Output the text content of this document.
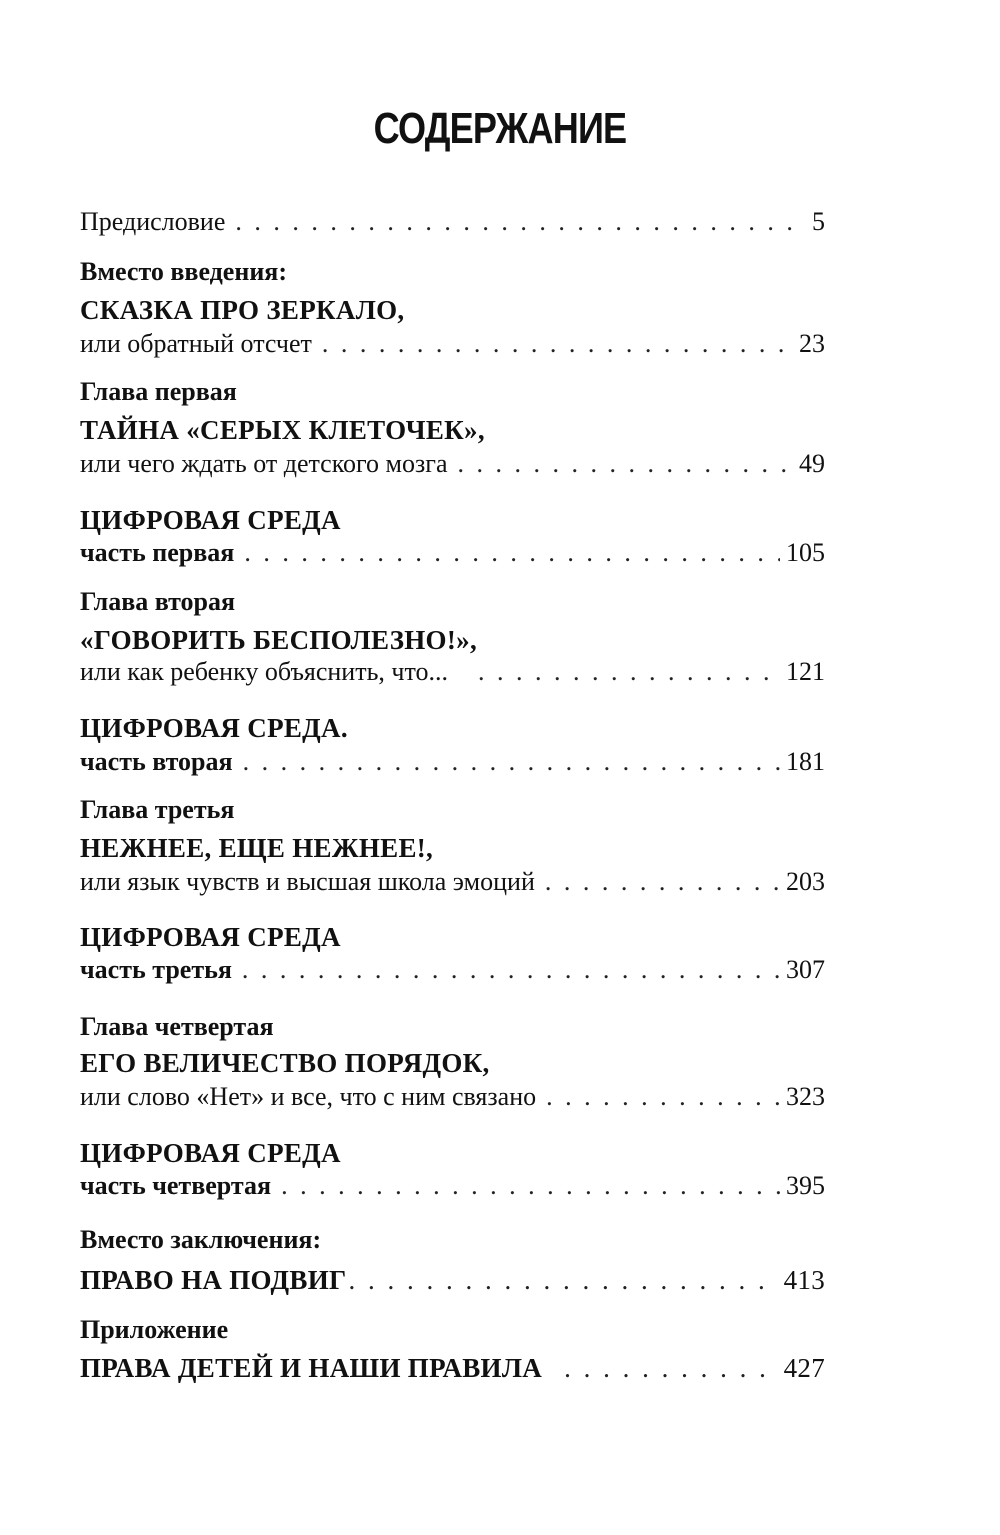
СОДЕРЖАНИЕ
Предисловие . . .	5
Вместо введения:
СКАЗКА ПРО ЗЕРКАЛО,
или обратный отсчет . . .	23
Глава первая
ТАЙНА «СЕРЫХ КЛЕТОЧЕК»,
или чего ждать от детского мозга . . .	49
ЦИФРОВАЯ СРЕДА
часть первая . . .	105
Глава вторая
«ГОВОРИТЬ БЕСПОЛЕЗНО!»,
или как ребенку объяснить, что... . . .	121
ЦИФРОВАЯ СРЕДА.
часть вторая . . .	181
Глава третья
НЕЖНЕЕ, ЕЩЕ НЕЖНЕЕ!,
или язык чувств и высшая школа эмоций . . .	203
ЦИФРОВАЯ СРЕДА
часть третья . . .	307
Глава четвертая
ЕГО ВЕЛИЧЕСТВО ПОРЯДОК,
или слово «Нет» и все, что с ним связано . . .	323
ЦИФРОВАЯ СРЕДА
часть четвертая . . .	395
Вместо заключения:
ПРАВО НА ПОДВИГ . . .	413
Приложение
ПРАВА ДЕТЕЙ И НАШИ ПРАВИЛА . . .	427
